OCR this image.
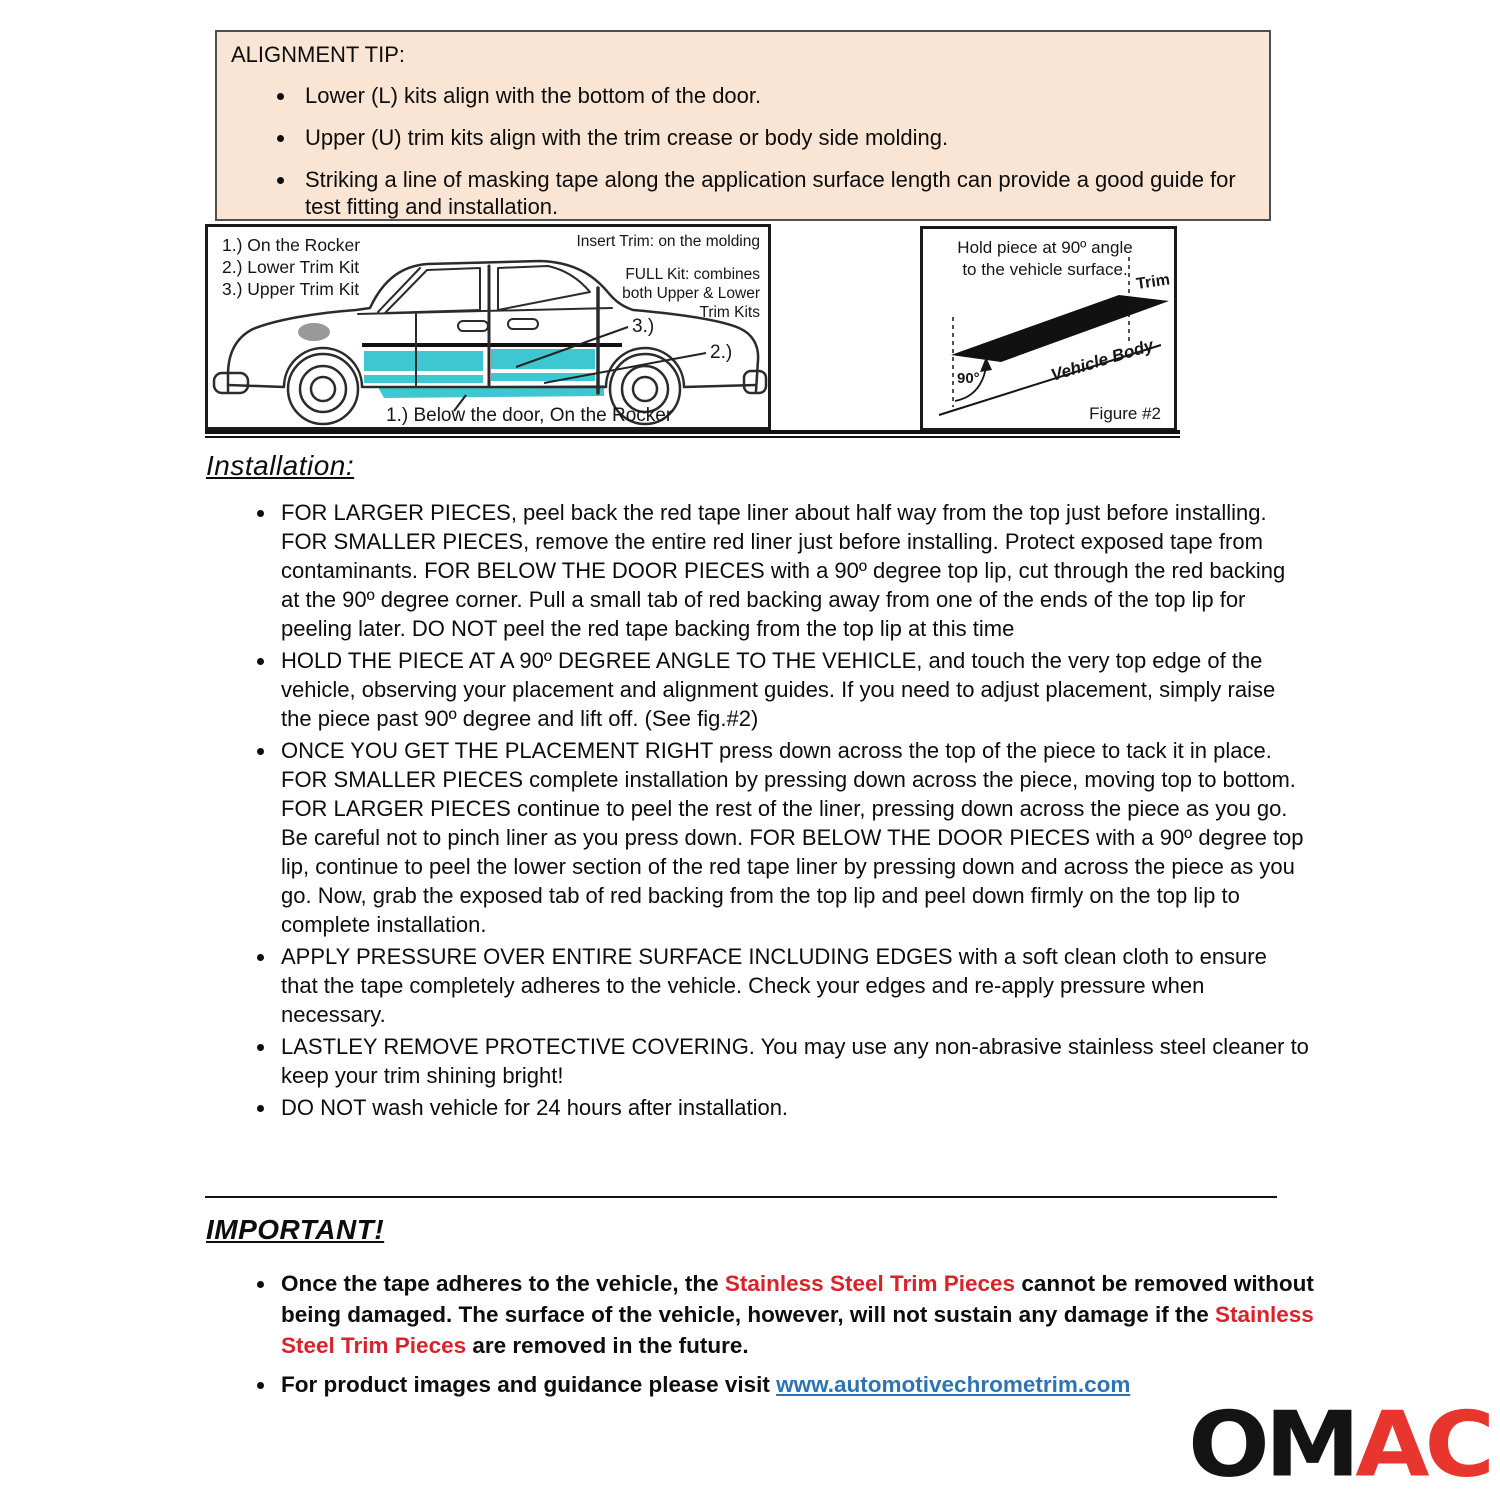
ALIGNMENT TIP:
• Lower (L) kits align with the bottom of the door.
• Upper (U) trim kits align with the trim crease or body side molding.
• Striking a line of masking tape along the application surface length can provide a good guide for test fitting and installation.
1.) On the Rocker
2.) Lower Trim Kit
3.) Upper Trim Kit
Insert Trim: on the molding
FULL Kit: combines
both Upper & Lower
Trim Kits
3.)
2.)
1.) Below the door, On the Rocker
Hold piece at 90º angle
to the vehicle surface.
90°
Trim
Vehicle Body
Figure #2
Installation:
• FOR LARGER PIECES, peel back the red tape liner about half way from the top just before installing. FOR SMALLER PIECES, remove the entire red liner just before installing. Protect exposed tape from contaminants. FOR BELOW THE DOOR PIECES with a 90º degree top lip, cut through the red backing at the 90º degree corner. Pull a small tab of red backing away from one of the ends of the top lip for peeling later. DO NOT peel the red tape backing from the top lip at this time
• HOLD THE PIECE AT A 90º DEGREE ANGLE TO THE VEHICLE, and touch the very top edge of the vehicle, observing your placement and alignment guides. If you need to adjust placement, simply raise the piece past 90º degree and lift off. (See fig.#2)
• ONCE YOU GET THE PLACEMENT RIGHT press down across the top of the piece to tack it in place. FOR SMALLER PIECES complete installation by pressing down across the piece, moving top to bottom. FOR LARGER PIECES continue to peel the rest of the liner, pressing down across the piece as you go. Be careful not to pinch liner as you press down. FOR BELOW THE DOOR PIECES with a 90º degree top lip, continue to peel the lower section of the red tape liner by pressing down and across the piece as you go. Now, grab the exposed tab of red backing from the top lip and peel down firmly on the top lip to complete installation.
• APPLY PRESSURE OVER ENTIRE SURFACE INCLUDING EDGES with a soft clean cloth to ensure that the tape completely adheres to the vehicle. Check your edges and re-apply pressure when necessary.
• LASTLEY REMOVE PROTECTIVE COVERING. You may use any non-abrasive stainless steel cleaner to keep your trim shining bright!
• DO NOT wash vehicle for 24 hours after installation.
IMPORTANT!
• Once the tape adheres to the vehicle, the Stainless Steel Trim Pieces cannot be removed without being damaged. The surface of the vehicle, however, will not sustain any damage if the Stainless Steel Trim Pieces are removed in the future.
• For product images and guidance please visit www.automotivechrometrim.com
OMAC
